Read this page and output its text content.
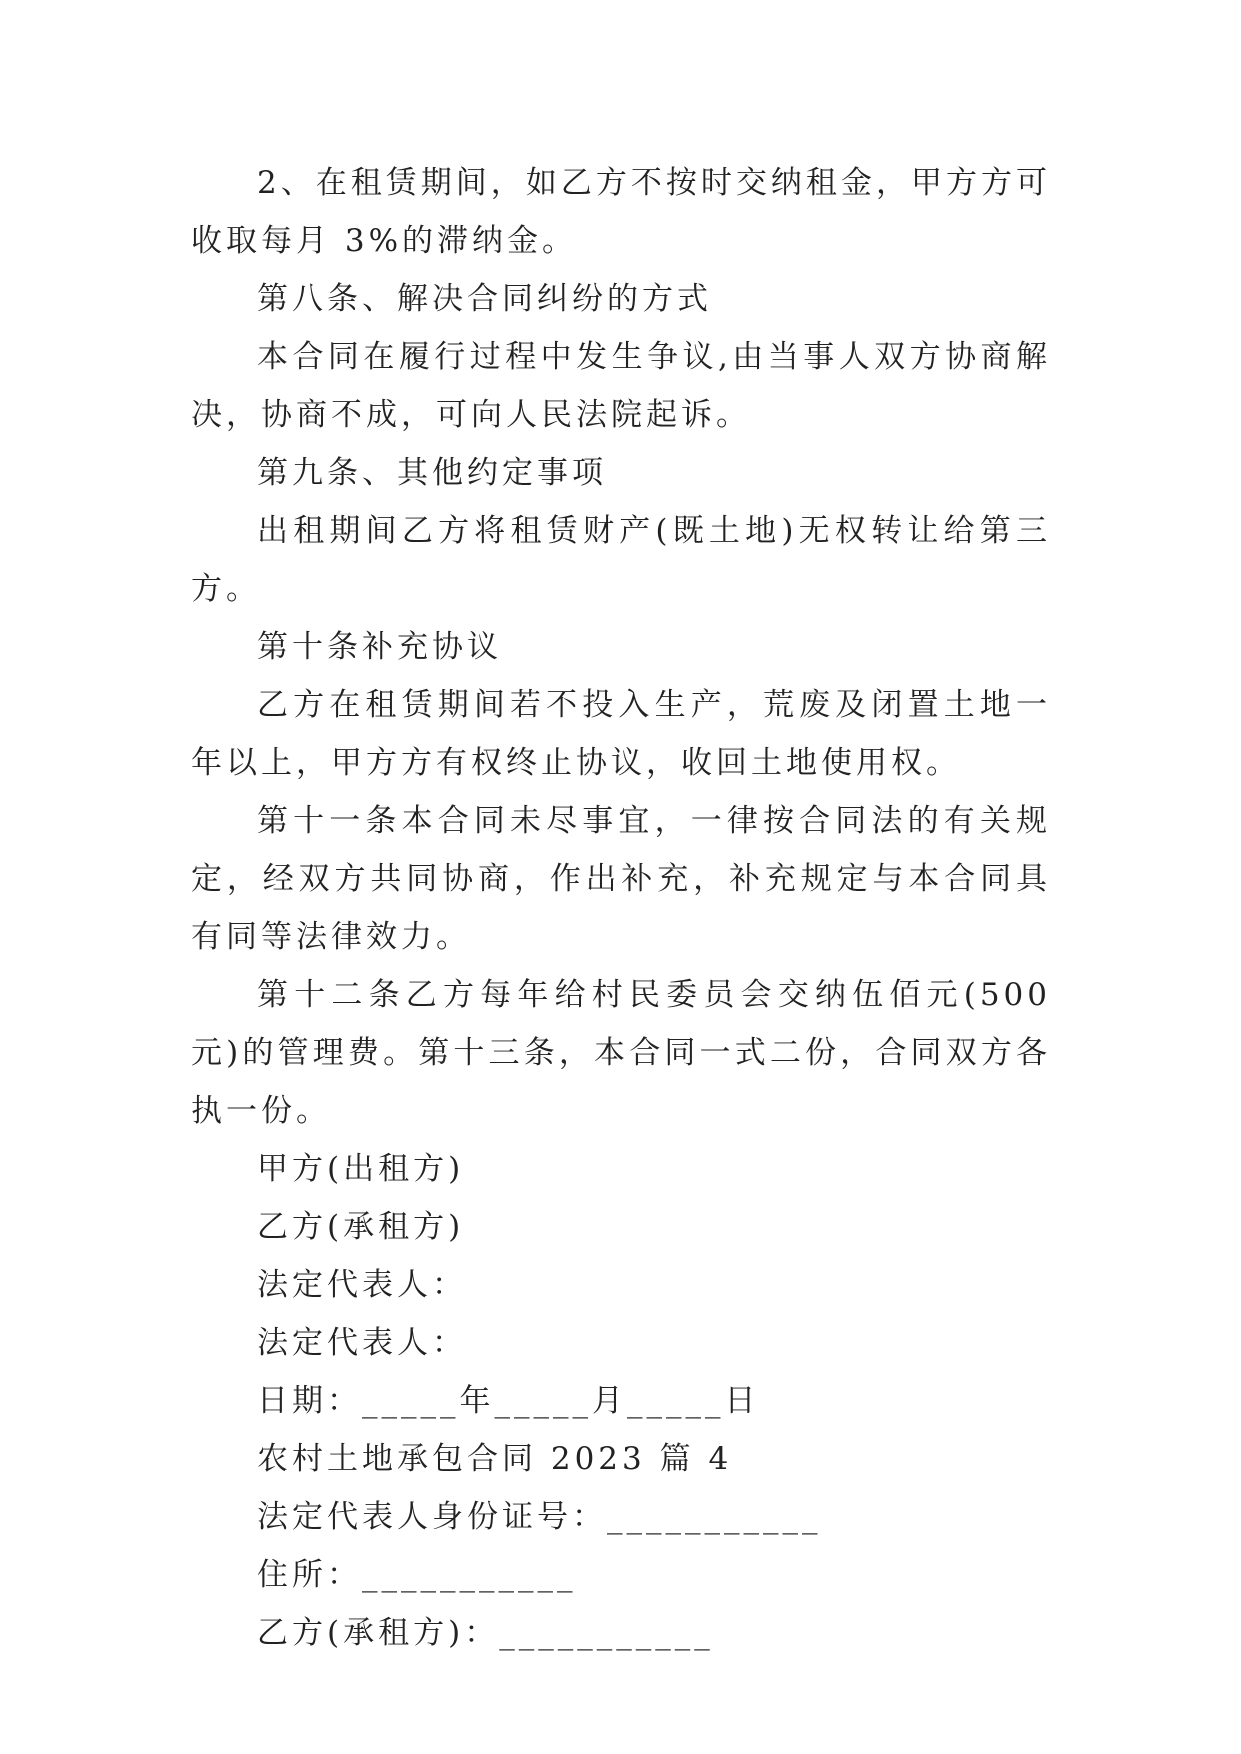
2、在租赁期间，如乙方不按时交纳租金，甲方方可收取每月 3%的滞纳金。

第八条、解决合同纠纷的方式

本合同在履行过程中发生争议,由当事人双方协商解决，协商不成，可向人民法院起诉。

第九条、其他约定事项

出租期间乙方将租赁财产(既土地)无权转让给第三方。

第十条补充协议

乙方在租赁期间若不投入生产，荒废及闭置土地一年以上，甲方方有权终止协议，收回土地使用权。

第十一条本合同未尽事宜，一律按合同法的有关规定，经双方共同协商，作出补充，补充规定与本合同具有同等法律效力。

第十二条乙方每年给村民委员会交纳伍佰元(500 元)的管理费。第十三条，本合同一式二份，合同双方各执一份。

甲方(出租方)

乙方(承租方)

法定代表人：

法定代表人：

日期：_____年_____月_____日

农村土地承包合同 2023 篇 4

法定代表人身份证号：___________

住所：___________

乙方(承租方)：___________
